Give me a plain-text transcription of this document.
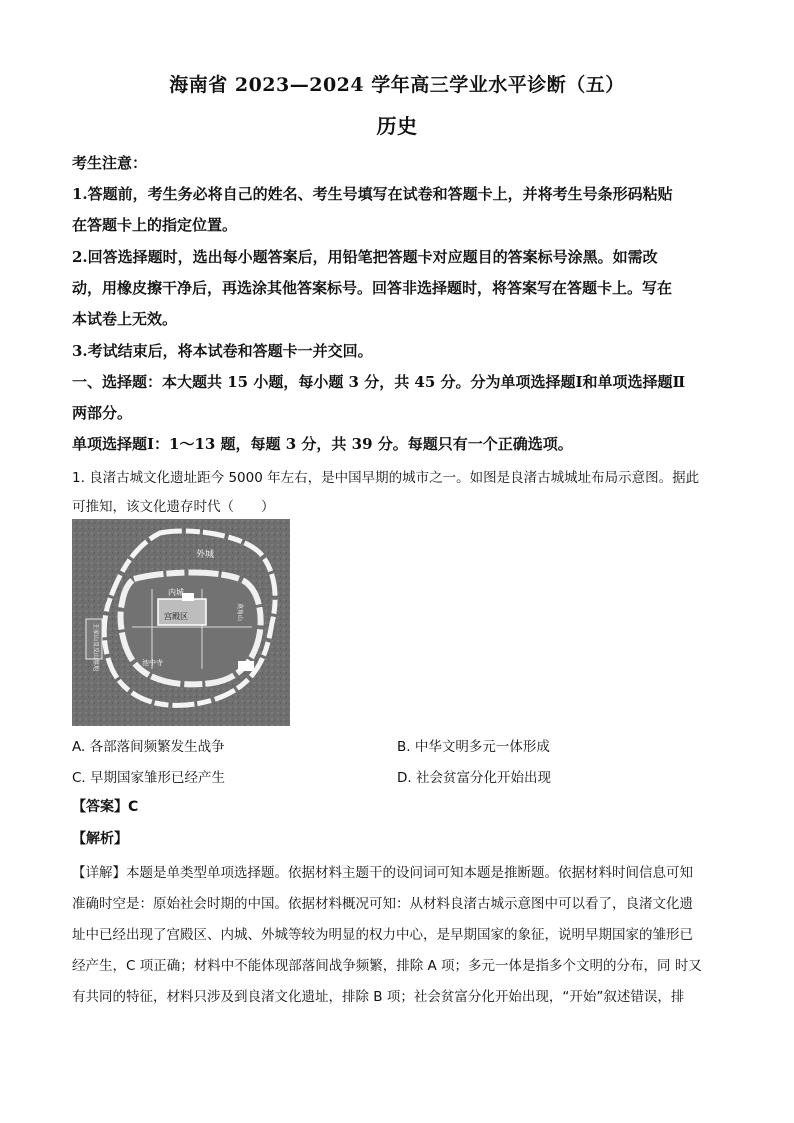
海南省 2023—2024 学年高三学业水平诊断（五）
历史
考生注意：
1.答题前，考生务必将自己的姓名、考生号填写在试卷和答题卡上，并将考生号条形码粘贴
在答题卡上的指定位置。
2.回答选择题时，选出每小题答案后，用铅笔把答题卡对应题目的答案标号涂黑。如需改
动，用橡皮擦干净后，再选涂其他答案标号。回答非选择题时，将答案写在答题卡上。写在
本试卷上无效。
3.考试结束后，将本试卷和答题卡一并交回。
一、选择题：本大题共 15 小题，每小题 3 分，共 45 分。分为单项选择题Ⅰ和单项选择题Ⅱ
两部分。
单项选择题Ⅰ：1～13 题，每题 3 分，共 39 分。每题只有一个正确选项。
1. 良渚古城文化遗址距今 5000 年左右，是中国早期的城市之一。如图是良渚古城城址布局示意图。据此
可推知，该文化遗存时代（　　）
外城
内城
宫殿区
池中寺
王家山及反山墓地
莫角山
A. 各部落间频繁发生战争	B. 中华文明多元一体形成
C. 早期国家雏形已经产生	D. 社会贫富分化开始出现
【答案】C
【解析】
【详解】本题是单类型单项选择题。依据材料主题干的设问词可知本题是推断题。依据材料时间信息可知
准确时空是：原始社会时期的中国。依据材料概况可知：从材料良渚古城示意图中可以看了，良渚文化遗
址中已经出现了宫殿区、内城、外城等较为明显的权力中心，是早期国家的象征，说明早期国家的雏形已
经产生，C 项正确；材料中不能体现部落间战争频繁，排除 A 项；多元一体是指多个文明的分布，同 时又
有共同的特征，材料只涉及到良渚文化遗址，排除 B 项；社会贫富分化开始出现，“开始”叙述错误，排
